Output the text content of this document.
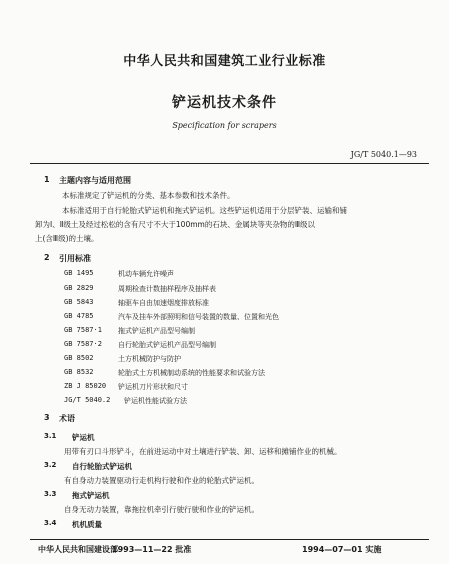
中华人民共和国建筑工业行业标准
铲运机技术条件
Specification for scrapers
JG/T 5040.1—93
1 主题内容与适用范围
本标准规定了铲运机的分类、基本参数和技术条件。
本标准适用于自行轮胎式铲运机和拖式铲运机。这些铲运机适用于分层铲装、运输和铺
卸为Ⅰ、Ⅱ级土及经过松松的含有尺寸不大于100mm的石块、金属块等夹杂物的Ⅲ级以
上(含Ⅲ级)的土壤。
2 引用标准
GB 1495	机动车辆允许噪声
GB 2829	周期检查计数抽样程序及抽样表
GB 5843	轴驱车自由加速烟度排放标准
GB 4785	汽车及挂车外部照明和信号装置的数量、位置和光色
GB 7587·1 拖式铲运机产品型号编制
GB 7587·2 自行轮胎式铲运机产品型号编制
GB 8502	土方机械防护与防护
GB 8532	轮胎式土方机械制动系统的性能要求和试验方法
ZB J 85020 铲运机刀片形状和尺寸
JG/T 5040.2 铲运机性能试验方法
3 术语
3.1 铲运机
用带有刃口斗形铲斗，在前进运动中对土壤进行铲装、卸、运移和摊铺作业的机械。
3.2 自行轮胎式铲运机
有自身动力装置驱动行走机构行驶和作业的轮胎式铲运机。
3.3 拖式铲运机
自身无动力装置，靠拖拉机牵引行驶行驶和作业的铲运机。
3.4 机机质量
中华人民共和国建设部
1993—11—22 批准	1994—07—01 实施
